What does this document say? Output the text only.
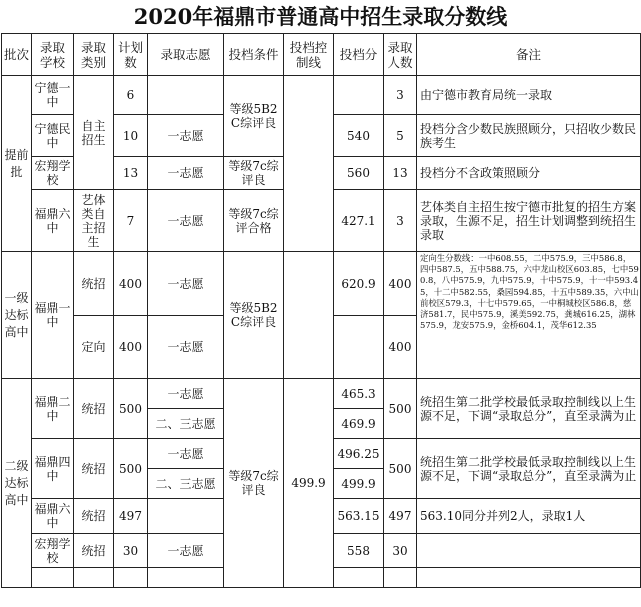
2020年福鼎市普通高中招生录取分数线
批次	录取学校	录取类别	计划数	录取志愿	投档条件	投档控制线	投档分	录取人数	备注
提前批	宁德一中	自主招生	6		等级5B2C综评良			3	由宁德市教育局统一录取
	宁德民中		10	一志愿			540	5	投档分含少数民族照顾分，只招收少数民族考生
	宏翔学校		13	一志愿	等级7c综评良		560	13	投档分不含政策照顾分
	福鼎六中	艺体类自主招生	7	一志愿	等级7c综评合格		427.1	3	艺体类自主招生按宁德市批复的招生方案录取，生源不足，招生计划调整到统招生录取
一级达标高中	福鼎一中	统招	400	一志愿	等级5B2C综评良		620.9	400	定向生分数线：一中608.55，二中575.9，三中586.8，四中587.5，五中588.75，六中龙山校区603.85，七中590.8，八中575.9，九中575.9，十中575.9，十一中593.45，十二中582.55，桑园594.85，十五中589.35，六中山前校区579.3，十七中579.65，一中桐城校区586.8，慈济581.7，民中575.9，溪美592.75，龚城616.25，湖林575.9，龙安575.9，金桥604.1，茂华612.35
		定向	400	一志愿				400	
二级达标高中	福鼎二中	统招	500	一志愿	等级7c综评良	499.9	465.3	500	统招生第二批学校最低录取控制线以上生源不足，下调“录取总分”，直至录满为止
				二、三志愿			469.9		
	福鼎四中	统招	500	一志愿			496.25	500	统招生第二批学校最低录取控制线以上生源不足，下调“录取总分”，直至录满为止
				二、三志愿			499.9		
	福鼎六中	统招	497				563.15	497	563.10同分并列2人，录取1人
	宏翔学校	统招	30	一志愿			558	30	
